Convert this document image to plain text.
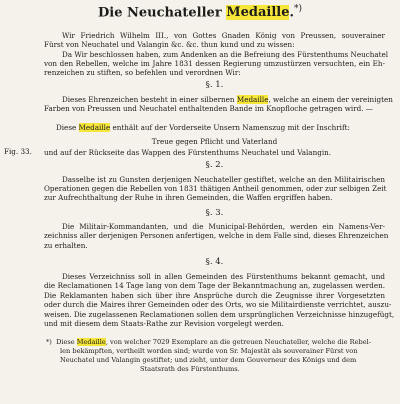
Die Neuchateller Medaille.*)
Wir Friedrich Wilhelm III., von Gottes Gnaden König von Preussen, souverainer
Fürst von Neuchatel und Valangin &c. &c. thun kund und zu wissen:
Da Wir beschlossen haben, zum Andenken an die Befreiung des Fürstenthums Neuchatel
von den Rebellen, welche im Jahre 1831 dessen Regierung umzustürzen versuchten, ein Eh-
renzeichen zu stiften, so befehlen und verordnen Wir:
§. 1.
Dieses Ehrenzeichen besteht in einer silbernen Medaille, welche an einem der vereinigten
Farben von Preussen und Neuchatel enthaltenden Bande im Knopfloche getragen wird. —
Diese Medaille enthält auf der Vorderseite Unsern Namenszug mit der Inschrift:
Fig. 33.
Treue gegen Pflicht und Vaterland
und auf der Rückseite das Wappen des Fürstenthums Neuchatel und Valangin.
§. 2.
Dasselbe ist zu Gunsten derjenigen Neuchateller gestiftet, welche an den Militairischen
Operationen gegen die Rebellen von 1831 thätigen Antheil genommen, oder zur selbigen Zeit
zur Aufrechthaltung der Ruhe in ihren Gemeinden, die Waffen ergriffen haben.
§. 3.
Die Militair-Kommandanten, und die Municipal-Behörden, werden ein Namens-Ver-
zeichniss aller derjenigen Personen anfertigen, welche in dem Falle sind, dieses Ehrenzeichen
zu erhalten.
§. 4.
Dieses Verzeichniss soll in allen Gemeinden des Fürstenthums bekannt gemacht, und
die Reclamationen 14 Tage lang von dem Tage der Bekanntmachung an, zugelassen werden.
Die Reklamanten haben sich über ihre Ansprüche durch die Zeugnisse ihrer Vorgesetzten
oder durch die Maires ihrer Gemeinden oder des Orts, wo sie Militairdienste verrichtet, auszu-
weisen. Die zugelassenen Reclamationen sollen dem ursprünglichen Verzeichnisse hinzugefügt,
und mit diesem dem Staats-Rathe zur Revision vorgelegt werden.
*) Diese Medaille, von welcher 7029 Exemplare an die getreuen Neuchateller, welche die Rebel-
len bekämpften, vertheilt worden sind; wurde von Sr. Majestät als souverainer Fürst von
Neuchatel und Valangin gestiftet; und zieht, unter dem Gouverneur des Königs und dem
Staatsrath des Fürstenthums.
